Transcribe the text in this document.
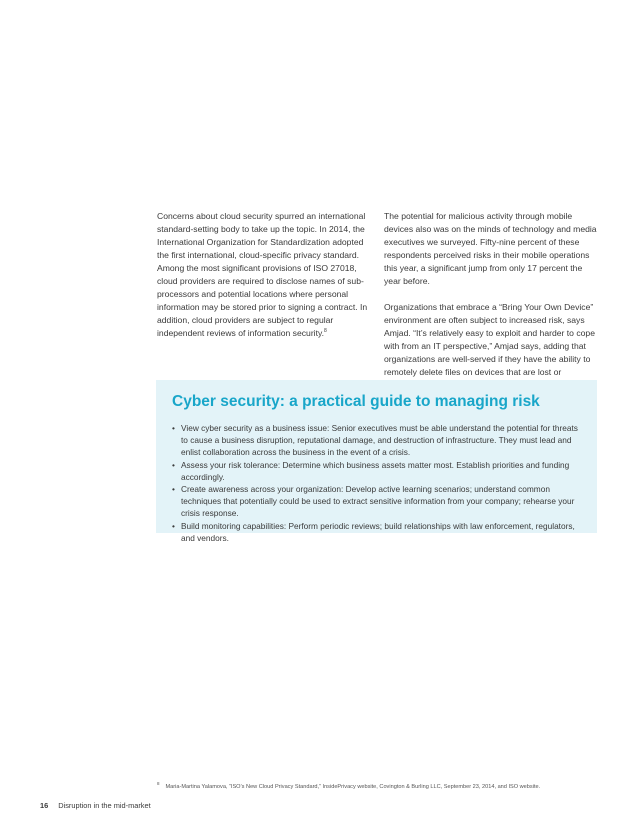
Concerns about cloud security spurred an international standard-setting body to take up the topic. In 2014, the International Organization for Standardization adopted the first international, cloud-specific privacy standard. Among the most significant provisions of ISO 27018, cloud providers are required to disclose names of sub-processors and potential locations where personal information may be stored prior to signing a contract. In addition, cloud providers are subject to regular independent reviews of information security.$^8$

The potential for malicious activity through mobile devices also was on the minds of technology and media executives we surveyed. Fifty-nine percent of these respondents perceived risks in their mobile operations this year, a significant jump from only 17 percent the year before.

Organizations that embrace a “Bring Your Own Device” environment are often subject to increased risk, says Amjad. “It’s relatively easy to exploit and harder to cope with from an IT perspective,” Amjad says, adding that organizations are well-served if they have the ability to remotely delete files on devices that are lost or

Cyber security: a practical guide to managing risk
• View cyber security as a business issue: Senior executives must be able understand the potential for threats to cause a business disruption, reputational damage, and destruction of infrastructure. They must lead and enlist collaboration across the business in the event of a crisis.
• Assess your risk tolerance: Determine which business assets matter most. Establish priorities and funding accordingly.
• Create awareness across your organization: Develop active learning scenarios; understand common techniques that potentially could be used to extract sensitive information from your company; rehearse your crisis response.
• Build monitoring capabilities: Perform periodic reviews; build relationships with law enforcement, regulators, and vendors.
$^8$Maria-Martina Yalamova, “ISO’s New Cloud Privacy Standard,” InsidePrivacy website, Covington & Burling LLC, September 23, 2014, and ISO website.
16 Disruption in the mid-market
